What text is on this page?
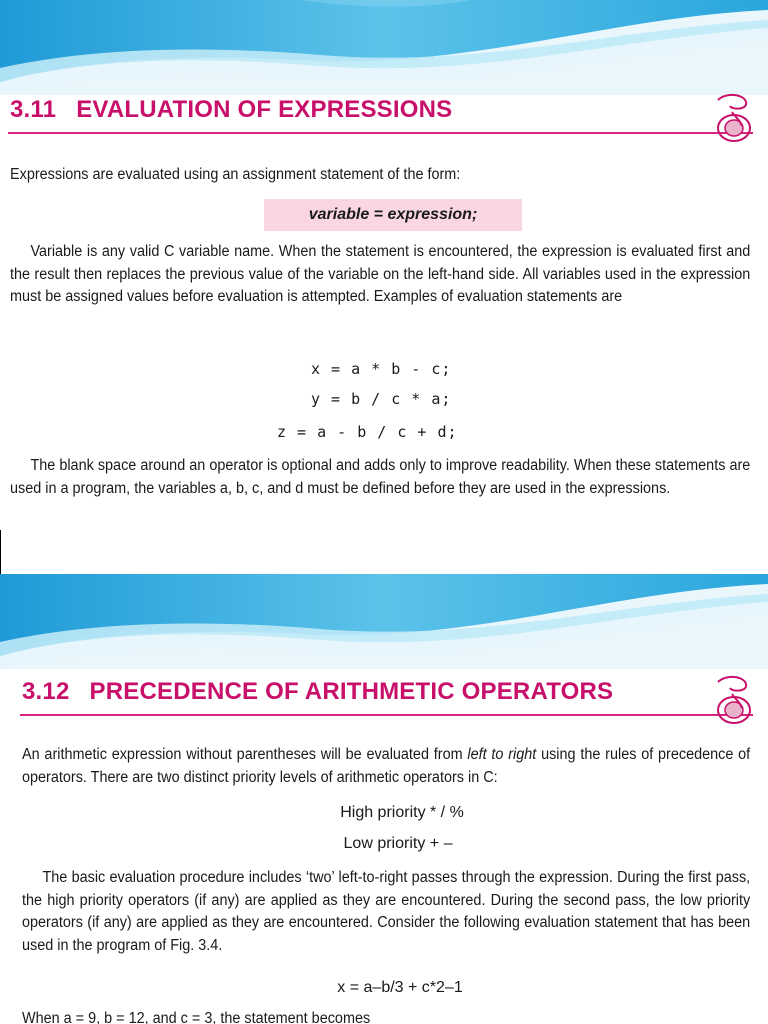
3.11 EVALUATION OF EXPRESSIONS

Expressions are evaluated using an assignment statement of the form:

variable = expression;

Variable is any valid C variable name. When the statement is encountered, the expression is evaluated first and the result then replaces the previous value of the variable on the left-hand side. All variables used in the expression must be assigned values before evaluation is attempted. Examples of evaluation statements are

x = a * b - c;
y = b / c * a;
z = a - b / c + d;

The blank space around an operator is optional and adds only to improve readability. When these statements are used in a program, the variables a, b, c, and d must be defined before they are used in the expressions.

3.12 PRECEDENCE OF ARITHMETIC OPERATORS

An arithmetic expression without parentheses will be evaluated from left to right using the rules of precedence of operators. There are two distinct priority levels of arithmetic operators in C:

High priority * / %
Low priority + –

The basic evaluation procedure includes ‘two’ left-to-right passes through the expression. During the first pass, the high priority operators (if any) are applied as they are encountered. During the second pass, the low priority operators (if any) are applied as they are encountered. Consider the following evaluation statement that has been used in the program of Fig. 3.4.

x = a–b/3 + c*2–1

When a = 9, b = 12, and c = 3, the statement becomes
